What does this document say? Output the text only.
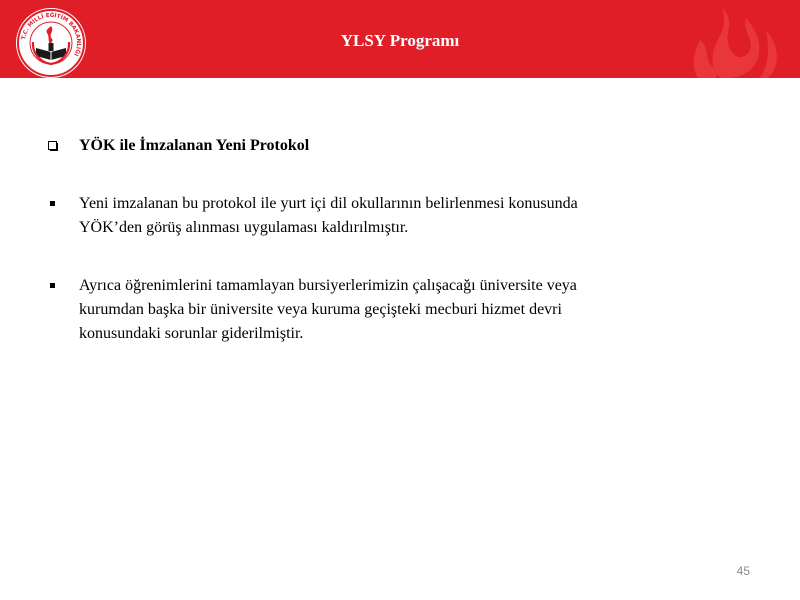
YLSY Programı
T.C. MİLLÎ EĞİTİM BAKANLIĞI
YÖK ile İmzalanan Yeni Protokol
Yeni imzalanan bu protokol ile yurt içi dil okullarının belirlenmesi konusunda
YÖK’den görüş alınması uygulaması kaldırılmıştır.
Ayrıca öğrenimlerini tamamlayan bursiyerlerimizin çalışacağı üniversite veya
kurumdan başka bir üniversite veya kuruma geçişteki mecburi hizmet devri
konusundaki sorunlar giderilmiştir.
45
